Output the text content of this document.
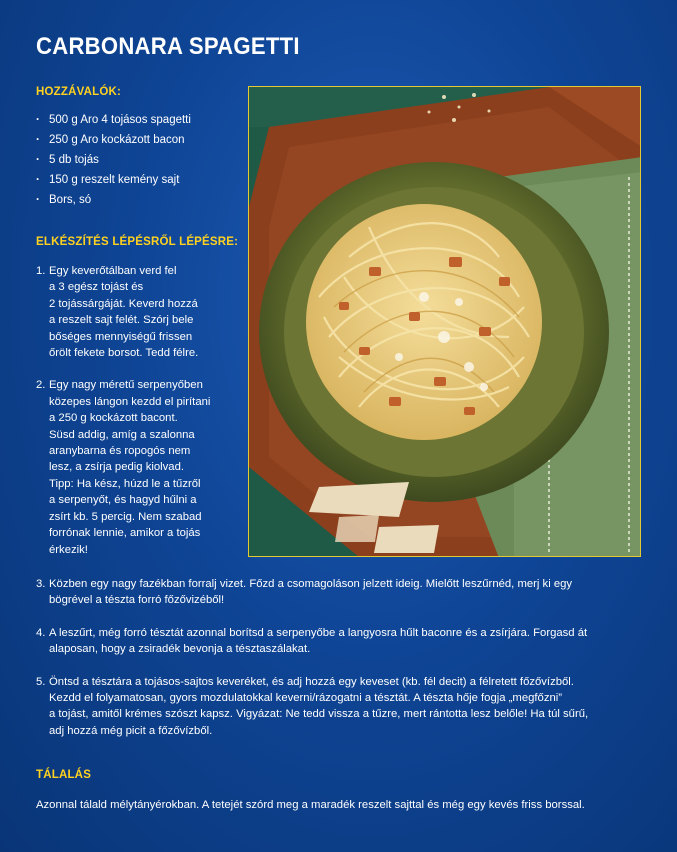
CARBONARA SPAGETTI
HOZZÁVALÓK:
· 500 g Aro 4 tojásos spagetti
· 250 g Aro kockázott bacon
· 5 db tojás
· 150 g reszelt kemény sajt
· Bors, só
ELKÉSZÍTÉS LÉPÉSRŐL LÉPÉSRE:
1. Egy keverőtálban verd fel
a 3 egész tojást és
2 tojássárgáját. Keverd hozzá
a reszelt sajt felét. Szórj bele
bőséges mennyiségű frissen
őrölt fekete borsot. Tedd félre.
2. Egy nagy méretű serpenyőben
közepes lángon kezdd el pirítani
a 250 g kockázott bacont.
Süsd addig, amíg a szalonna
aranybarna és ropogós nem
lesz, a zsírja pedig kiolvad.
Tipp: Ha kész, húzd le a tűzről
a serpenyőt, és hagyd hűlni a
zsírt kb. 5 percig. Nem szabad
forrónak lennie, amikor a tojás
érkezik!
3. Közben egy nagy fazékban forralj vizet. Főzd a csomagoláson jelzett ideig. Mielőtt leszűrnéd, merj ki egy
bögrével a tészta forró főzővizéből!
4. A leszűrt, még forró tésztát azonnal borítsd a serpenyőbe a langyosra hűlt baconre és a zsírjára. Forgasd át
alaposan, hogy a zsiradék bevonja a tésztaszálakat.
5. Öntsd a tésztára a tojásos-sajtos keveréket, és adj hozzá egy keveset (kb. fél decit) a félretett főzővízből.
Kezdd el folyamatosan, gyors mozdulatokkal keverni/rázogatni a tésztát. A tészta hője fogja „megfőzni”
a tojást, amitől krémes szószt kapsz. Vigyázat: Ne tedd vissza a tűzre, mert rántotta lesz belőle! Ha túl sűrű,
adj hozzá még picit a főzővízből.
TÁLALÁS
Azonnal tálald mélytányérokban. A tetejét szórd meg a maradék reszelt sajttal és még egy kevés friss borssal.
